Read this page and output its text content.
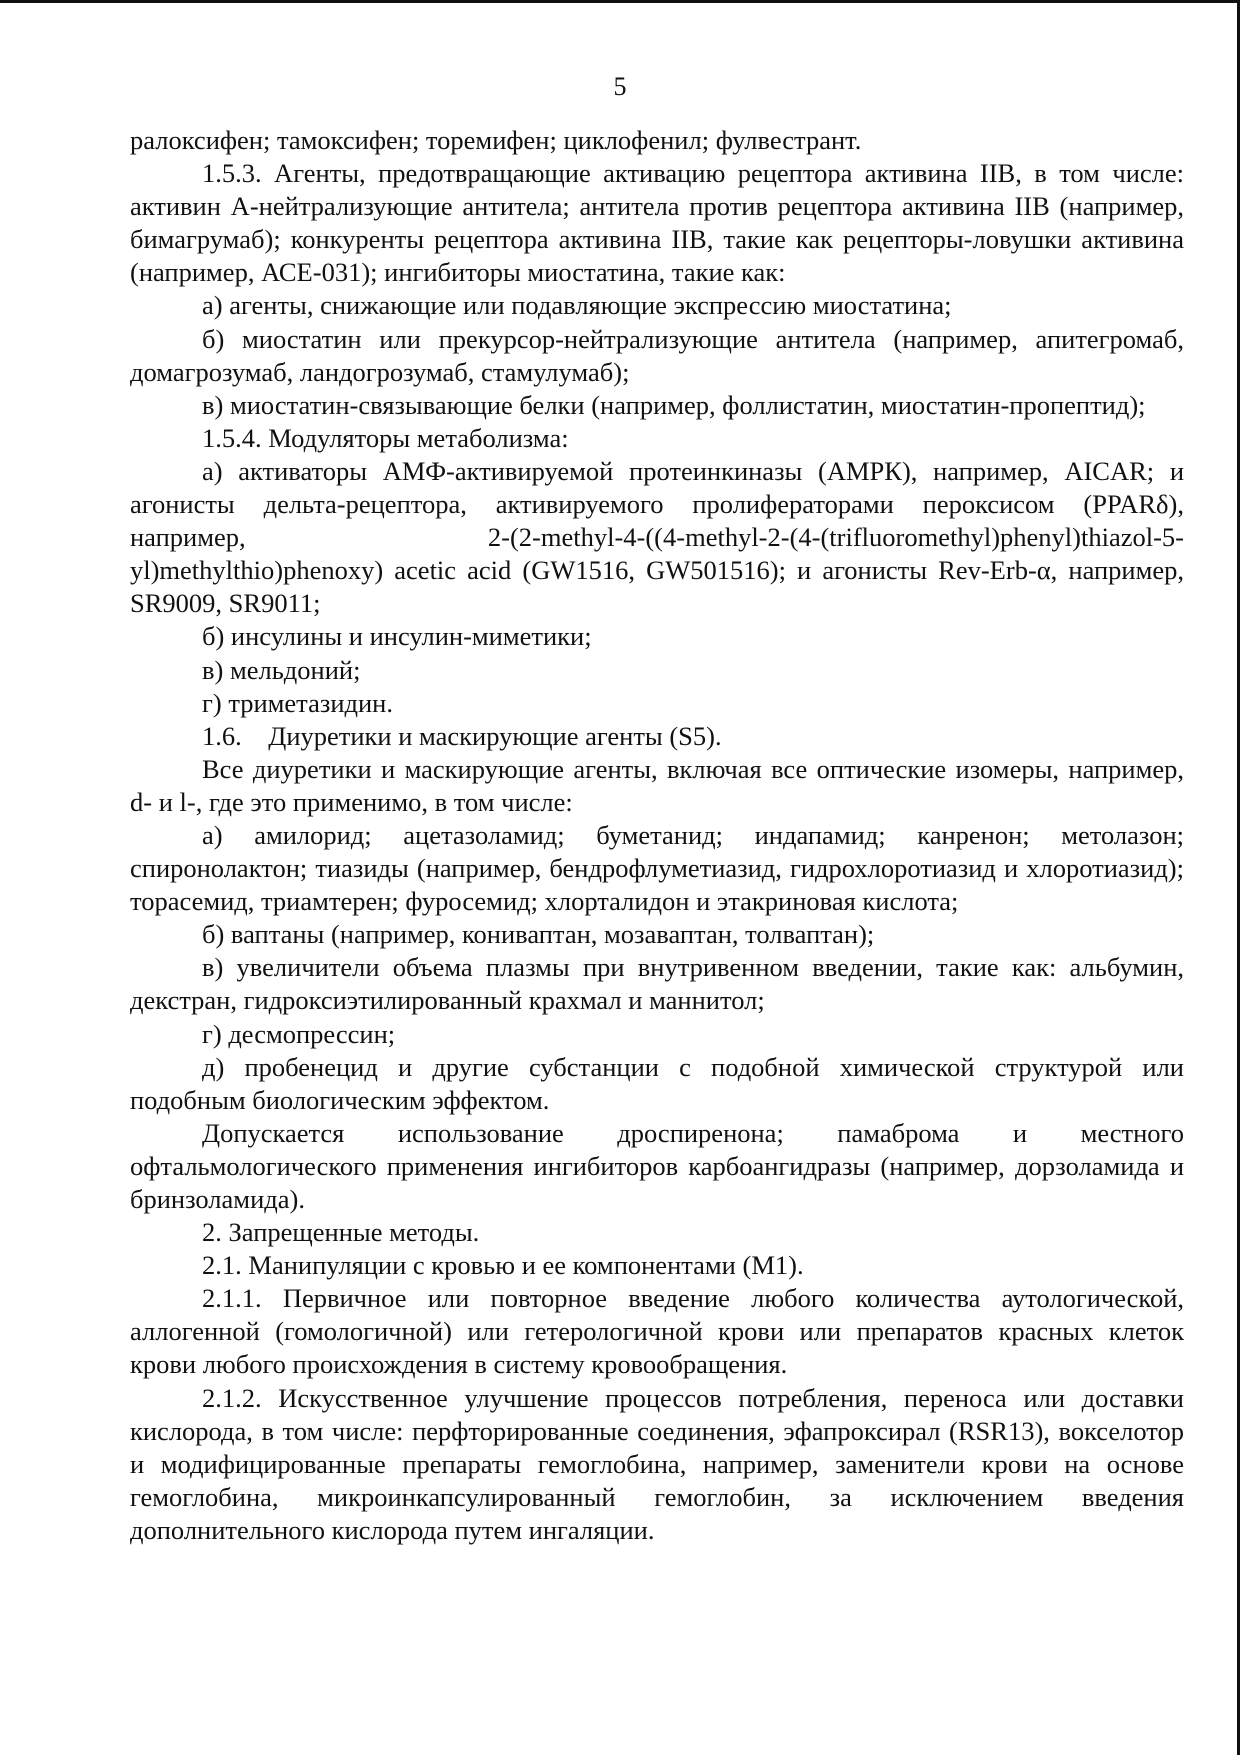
5

ралоксифен; тамоксифен; торемифен; циклофенил; фулвестрант.

1.5.3. Агенты, предотвращающие активацию рецептора активина IIB, в том числе: активин А-нейтрализующие антитела; антитела против рецептора активина IIB (например, бимагрумаб); конкуренты рецептора активина IIB, такие как рецепторы-ловушки активина (например, АСЕ-031); ингибиторы миостатина, такие как:

а) агенты, снижающие или подавляющие экспрессию миостатина;

б) миостатин или прекурсор-нейтрализующие антитела (например, апитегромаб, домагрозумаб, ландогрозумаб, стамулумаб);

в) миостатин-связывающие белки (например, фоллистатин, миостатин-пропептид);

1.5.4. Модуляторы метаболизма:

а) активаторы АМФ-активируемой протеинкиназы (АМРК), например, AICAR; и агонисты дельта-рецептора, активируемого пролифераторами пероксисом (PPARδ), например, 2-(2-methyl-4-((4-methyl-2-(4-(trifluoromethyl)phenyl)thiazol-5-yl)methylthio)phenoxy) acetic acid (GW1516, GW501516); и агонисты Rev-Erb-α, например, SR9009, SR9011;

б) инсулины и инсулин-миметики;

в) мельдоний;

г) триметазидин.

1.6. Диуретики и маскирующие агенты (S5).

Все диуретики и маскирующие агенты, включая все оптические изомеры, например, d- и l-, где это применимо, в том числе:

а) амилорид; ацетазоламид; буметанид; индапамид; канренон; метолазон; спиронолактон; тиазиды (например, бендрофлуметиазид, гидрохлоротиазид и хлоротиазид); торасемид, триамтерен; фуросемид; хлорталидон и этакриновая кислота;

б) ваптаны (например, кониваптан, мозаваптан, толваптан);

в) увеличители объема плазмы при внутривенном введении, такие как: альбумин, декстран, гидроксиэтилированный крахмал и маннитол;

г) десмопрессин;

д) пробенецид и другие субстанции с подобной химической структурой или подобным биологическим эффектом.

Допускается использование дроспиренона; памаброма и местного офтальмологического применения ингибиторов карбоангидразы (например, дорзоламида и бринзоламида).

2. Запрещенные методы.

2.1. Манипуляции с кровью и ее компонентами (М1).

2.1.1. Первичное или повторное введение любого количества аутологической, аллогенной (гомологичной) или гетерологичной крови или препаратов красных клеток крови любого происхождения в систему кровообращения.

2.1.2. Искусственное улучшение процессов потребления, переноса или доставки кислорода, в том числе: перфторированные соединения, эфапроксирал (RSR13), вокселотор и модифицированные препараты гемоглобина, например, заменители крови на основе гемоглобина, микроинкапсулированный гемоглобин, за исключением введения дополнительного кислорода путем ингаляции.
